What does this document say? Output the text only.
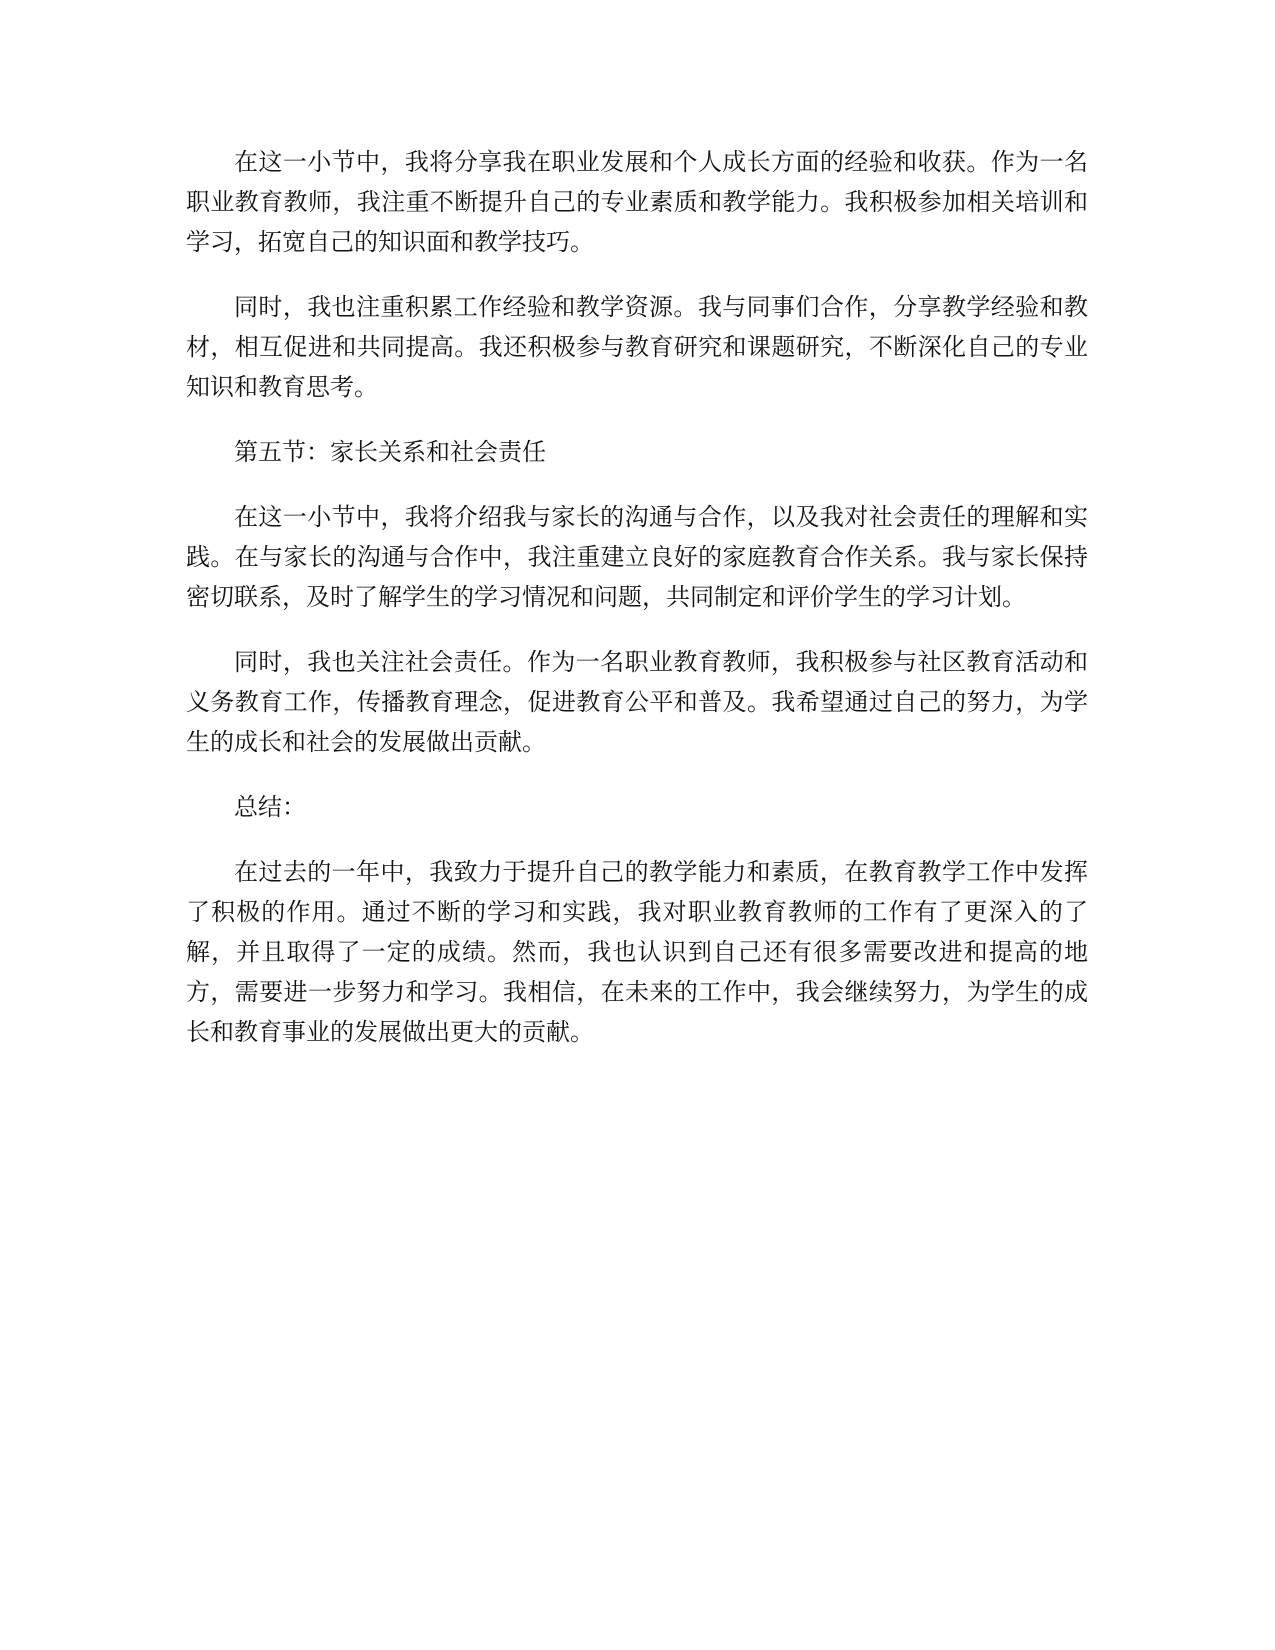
在这一小节中，我将分享我在职业发展和个人成长方面的经验和收获。作为一名职业教育教师，我注重不断提升自己的专业素质和教学能力。我积极参加相关培训和学习，拓宽自己的知识面和教学技巧。

同时，我也注重积累工作经验和教学资源。我与同事们合作，分享教学经验和教材，相互促进和共同提高。我还积极参与教育研究和课题研究，不断深化自己的专业知识和教育思考。

第五节：家长关系和社会责任

在这一小节中，我将介绍我与家长的沟通与合作，以及我对社会责任的理解和实践。在与家长的沟通与合作中，我注重建立良好的家庭教育合作关系。我与家长保持密切联系，及时了解学生的学习情况和问题，共同制定和评价学生的学习计划。

同时，我也关注社会责任。作为一名职业教育教师，我积极参与社区教育活动和义务教育工作，传播教育理念，促进教育公平和普及。我希望通过自己的努力，为学生的成长和社会的发展做出贡献。

总结：

在过去的一年中，我致力于提升自己的教学能力和素质，在教育教学工作中发挥了积极的作用。通过不断的学习和实践，我对职业教育教师的工作有了更深入的了解，并且取得了一定的成绩。然而，我也认识到自己还有很多需要改进和提高的地方，需要进一步努力和学习。我相信，在未来的工作中，我会继续努力，为学生的成长和教育事业的发展做出更大的贡献。
